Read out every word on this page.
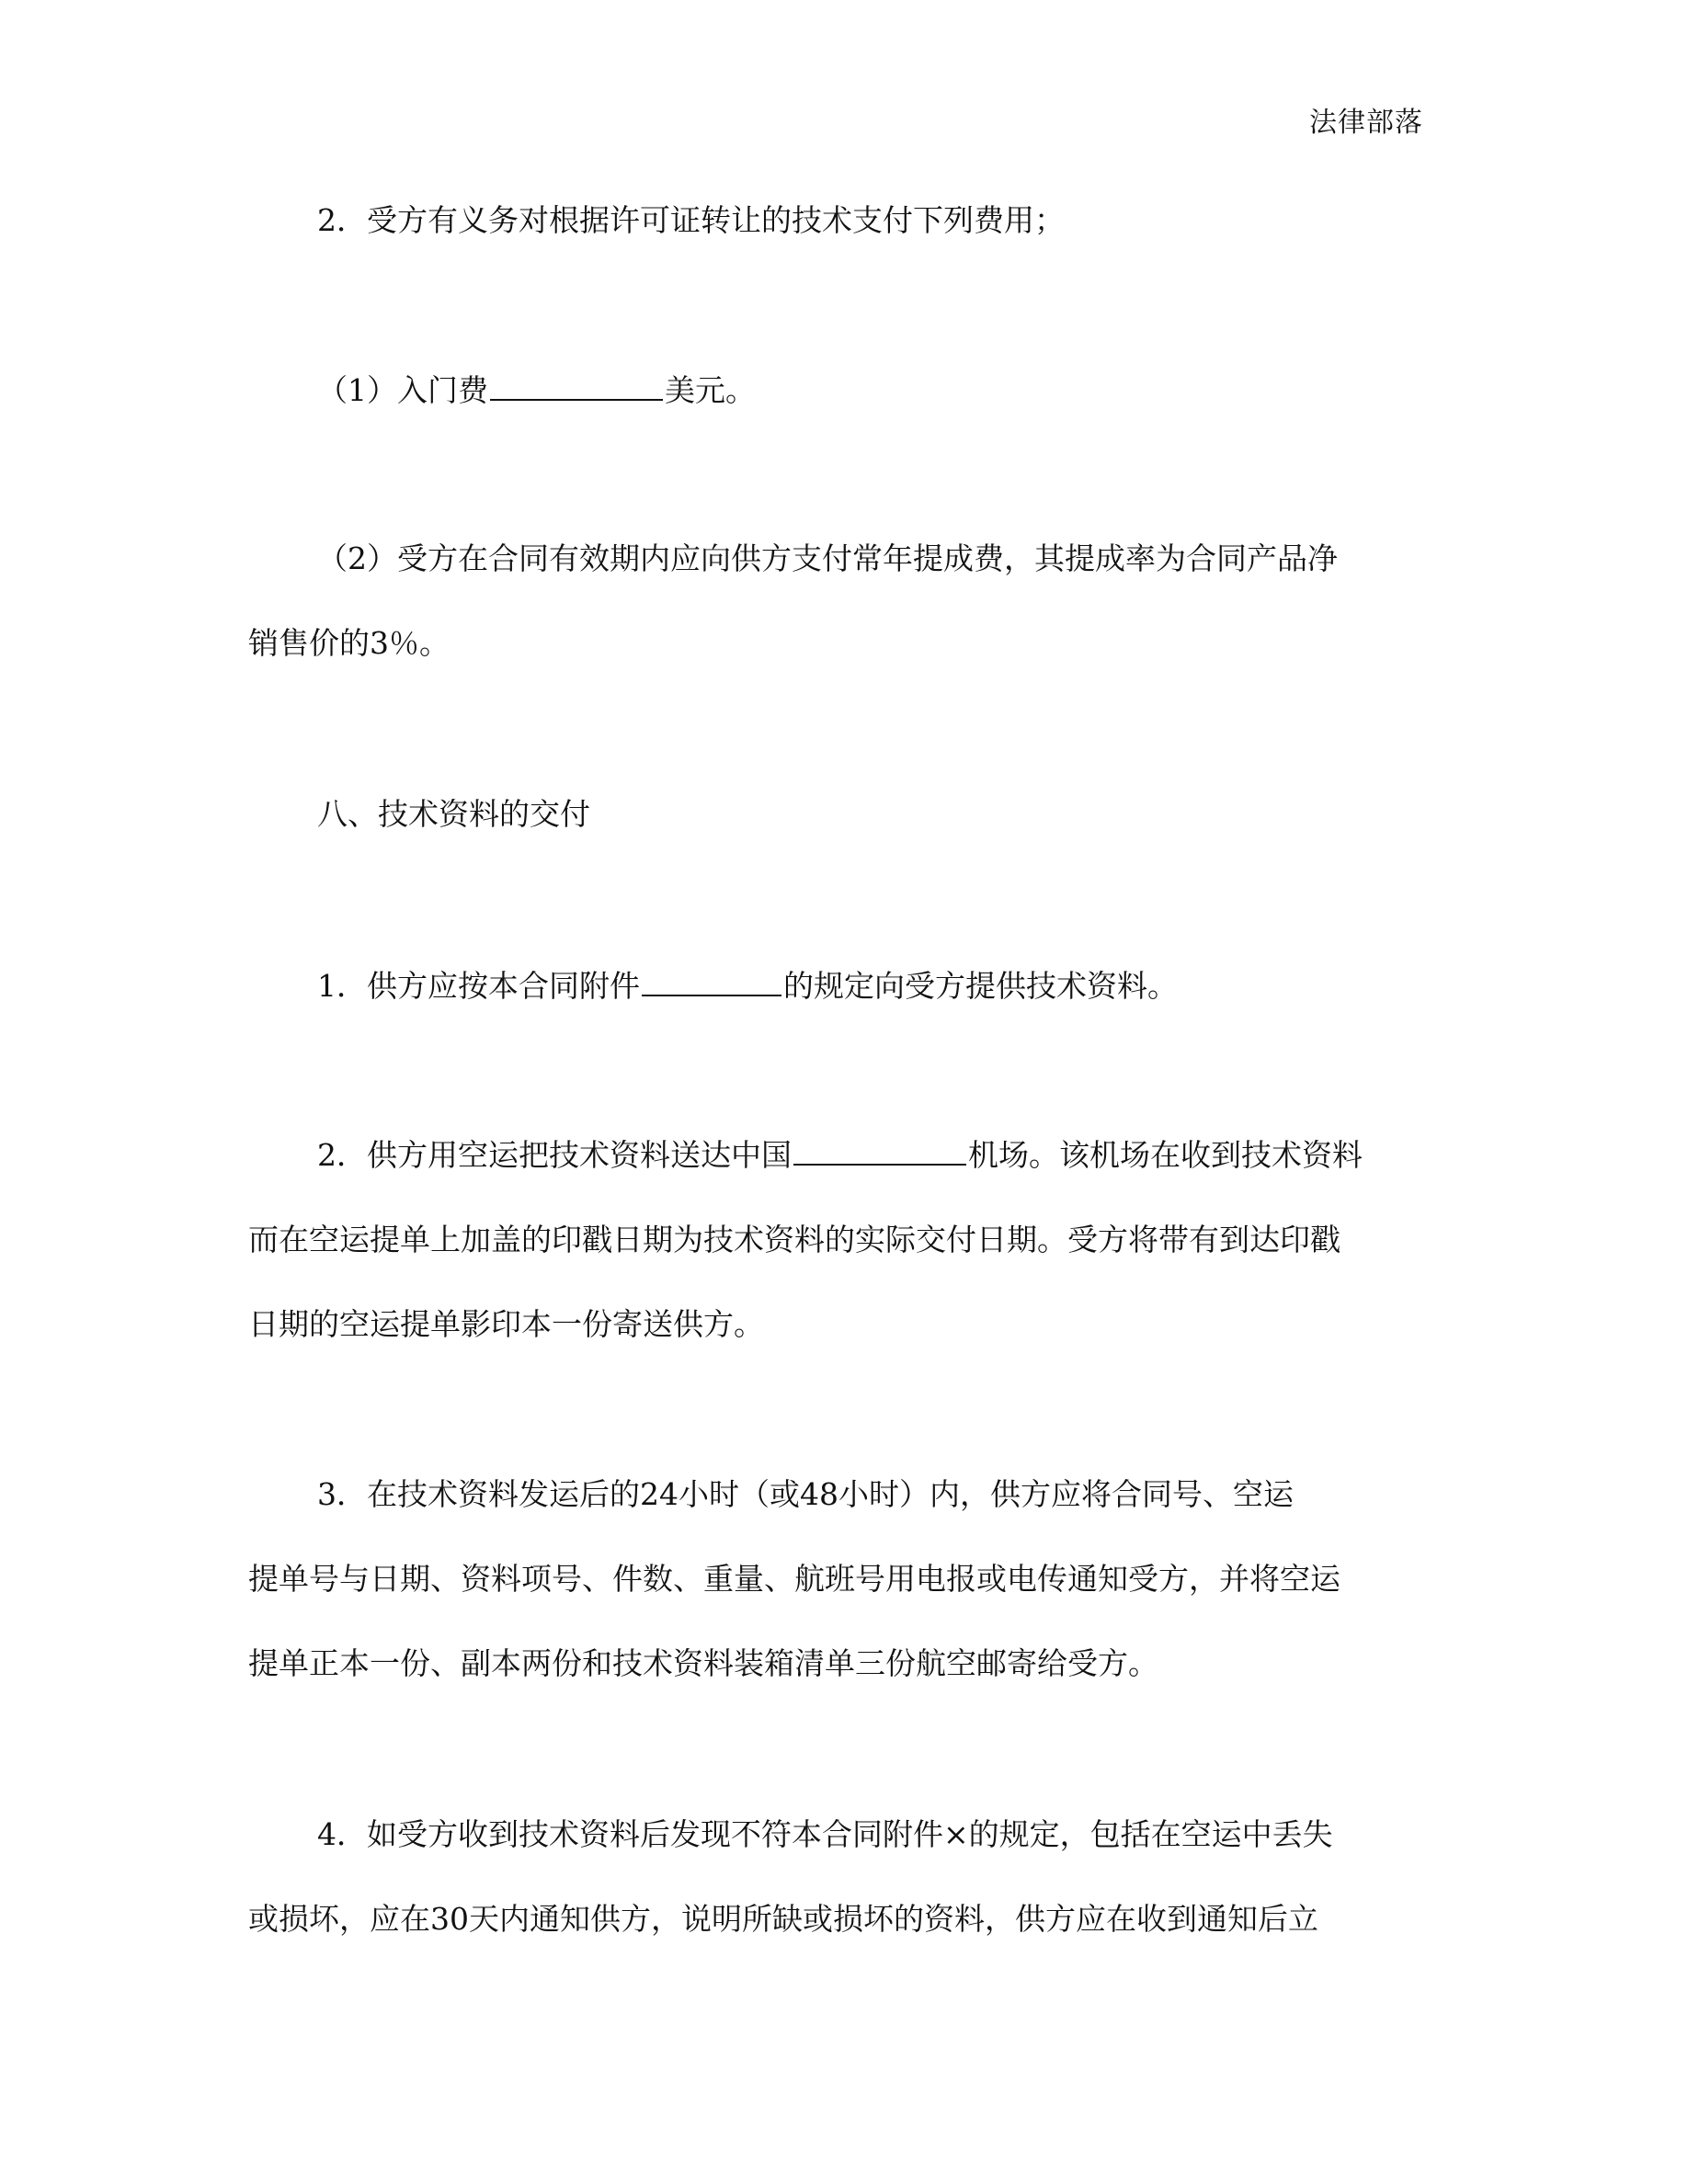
法律部落
2．受方有义务对根据许可证转让的技术支付下列费用；
（1）入门费	美元。
（2）受方在合同有效期内应向供方支付常年提成费，其提成率为合同产品净
销售价的3％。
八、技术资料的交付
1．供方应按本合同附件	的规定向受方提供技术资料。
2．供方用空运把技术资料送达中国	机场。该机场在收到技术资料
而在空运提单上加盖的印戳日期为技术资料的实际交付日期。受方将带有到达印戳
日期的空运提单影印本一份寄送供方。
3．在技术资料发运后的24小时（或48小时）内，供方应将合同号、空运
提单号与日期、资料项号、件数、重量、航班号用电报或电传通知受方，并将空运
提单正本一份、副本两份和技术资料装箱清单三份航空邮寄给受方。
4．如受方收到技术资料后发现不符本合同附件×的规定，包括在空运中丢失
或损坏，应在30天内通知供方，说明所缺或损坏的资料，供方应在收到通知后立
